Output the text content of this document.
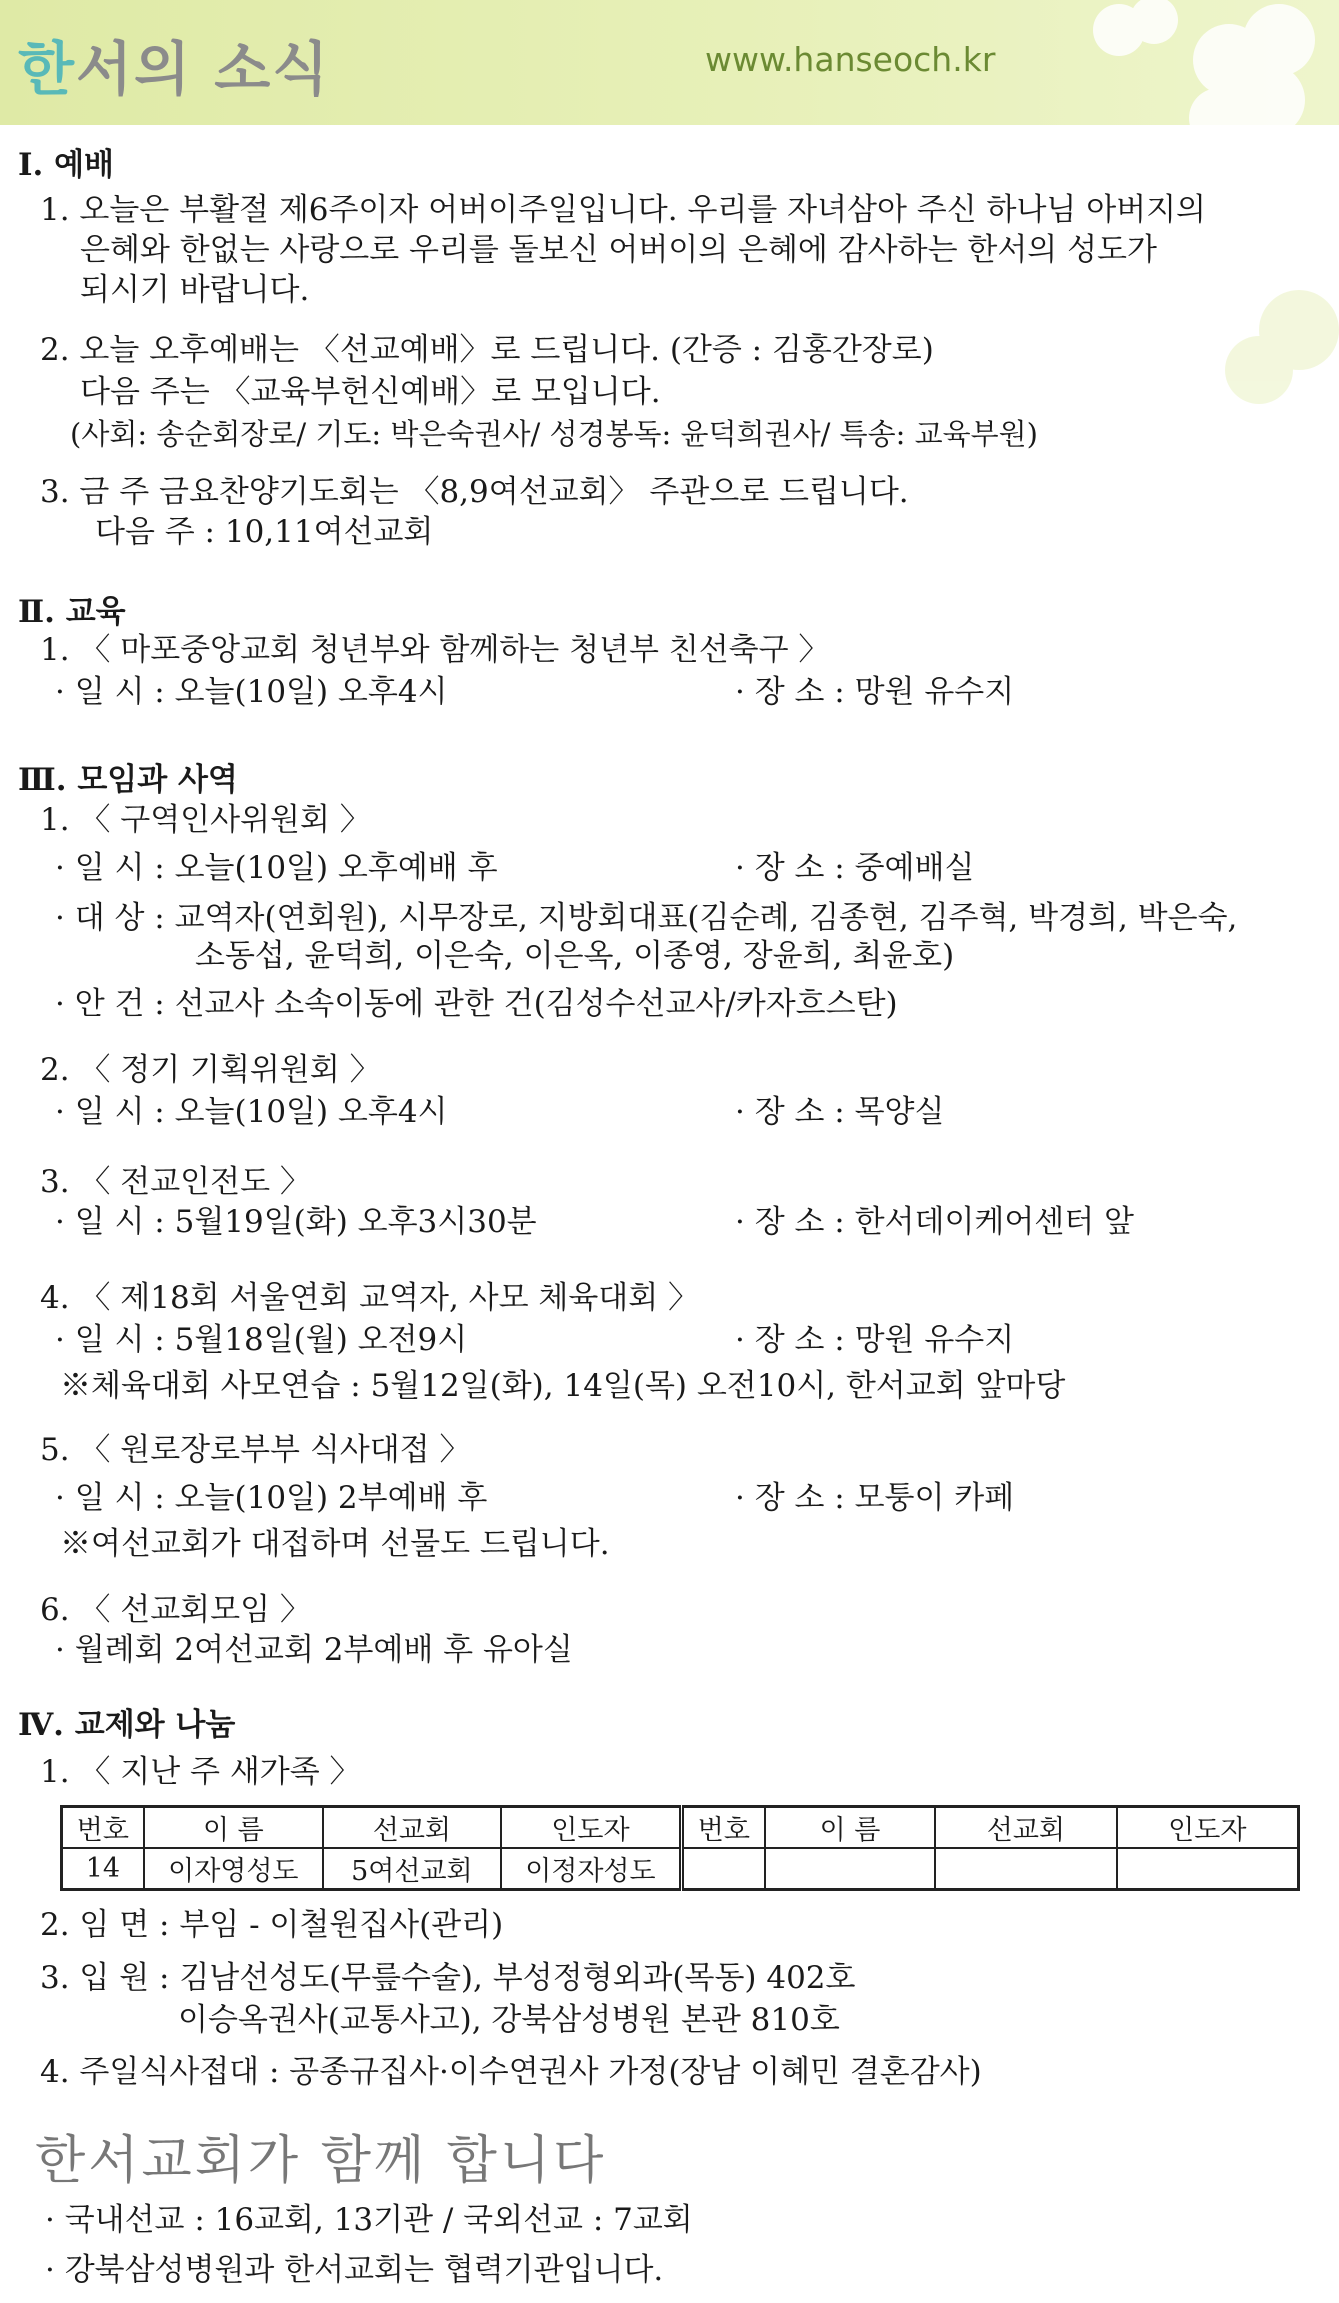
한서의 소식	www.hanseoch.kr
Ⅰ. 예배
1. 오늘은 부활절 제6주이자 어버이주일입니다. 우리를 자녀삼아 주신 하나님 아버지의
은혜와 한없는 사랑으로 우리를 돌보신 어버이의 은혜에 감사하는 한서의 성도가
되시기 바랍니다.
2. 오늘 오후예배는 〈선교예배〉로 드립니다. (간증 : 김홍간장로)
다음 주는 〈교육부헌신예배〉로 모입니다.
(사회: 송순회장로/ 기도: 박은숙권사/ 성경봉독: 윤덕희권사/ 특송: 교육부원)
3. 금 주 금요찬양기도회는 〈8,9여선교회〉 주관으로 드립니다.
다음 주 : 10,11여선교회
Ⅱ. 교육
1. 〈 마포중앙교회 청년부와 함께하는 청년부 친선축구 〉
· 일 시 : 오늘(10일) 오후4시	· 장 소 : 망원 유수지
Ⅲ. 모임과 사역
1. 〈 구역인사위원회 〉
· 일 시 : 오늘(10일) 오후예배 후	· 장 소 : 중예배실
· 대 상 : 교역자(연회원), 시무장로, 지방회대표(김순례, 김종현, 김주혁, 박경희, 박은숙,
소동섭, 윤덕희, 이은숙, 이은옥, 이종영, 장윤희, 최윤호)
· 안 건 : 선교사 소속이동에 관한 건(김성수선교사/카자흐스탄)
2. 〈 정기 기획위원회 〉
· 일 시 : 오늘(10일) 오후4시	· 장 소 : 목양실
3. 〈 전교인전도 〉
· 일 시 : 5월19일(화) 오후3시30분	· 장 소 : 한서데이케어센터 앞
4. 〈 제18회 서울연회 교역자, 사모 체육대회 〉
· 일 시 : 5월18일(월) 오전9시	· 장 소 : 망원 유수지
※체육대회 사모연습 : 5월12일(화), 14일(목) 오전10시, 한서교회 앞마당
5. 〈 원로장로부부 식사대접 〉
· 일 시 : 오늘(10일) 2부예배 후	· 장 소 : 모퉁이 카페
※여선교회가 대접하며 선물도 드립니다.
6. 〈 선교회모임 〉
· 월례회 2여선교회 2부예배 후 유아실
Ⅳ. 교제와 나눔
1. 〈 지난 주 새가족 〉
번호	이 름	선교회	인도자	번호	이 름	선교회	인도자
14	이자영성도	5여선교회	이정자성도				
2. 임 면 : 부임 - 이철원집사(관리)
3. 입 원 : 김남선성도(무릎수술), 부성정형외과(목동) 402호
이승옥권사(교통사고), 강북삼성병원 본관 810호
4. 주일식사접대 : 공종규집사·이수연권사 가정(장남 이혜민 결혼감사)
한서교회가 함께 합니다
· 국내선교 : 16교회, 13기관 / 국외선교 : 7교회
· 강북삼성병원과 한서교회는 협력기관입니다.
